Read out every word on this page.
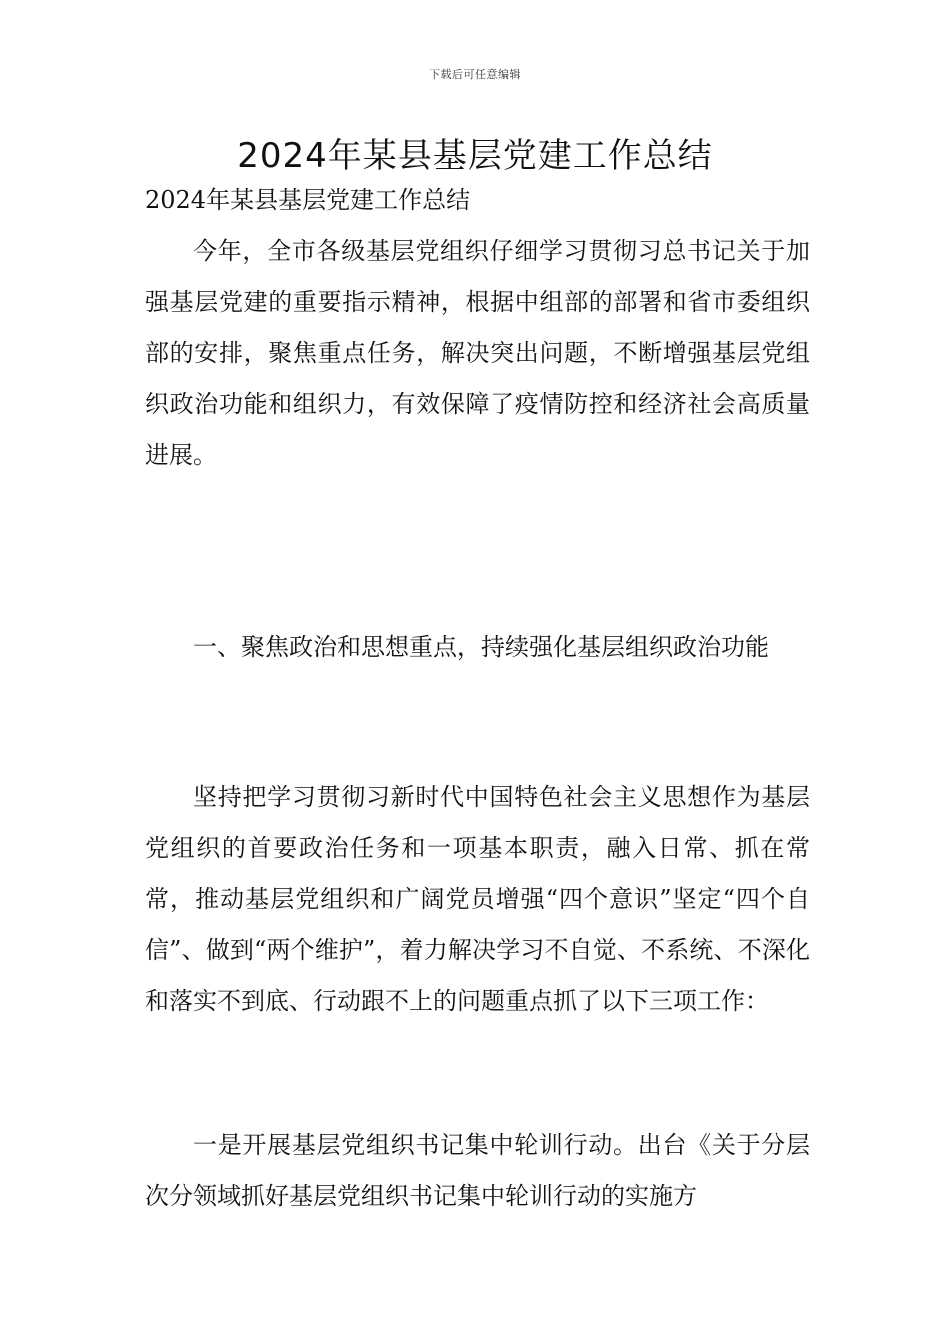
下载后可任意编辑
2024年某县基层党建工作总结
2024年某县基层党建工作总结

今年，全市各级基层党组织仔细学习贯彻习总书记关于加强基层党建的重要指示精神，根据中组部的部署和省市委组织部的安排，聚焦重点任务，解决突出问题，不断增强基层党组织政治功能和组织力，有效保障了疫情防控和经济社会高质量进展。

一、聚焦政治和思想重点，持续强化基层组织政治功能

坚持把学习贯彻习新时代中国特色社会主义思想作为基层党组织的首要政治任务和一项基本职责，融入日常、抓在常常，推动基层党组织和广阔党员增强“四个意识”坚定“四个自信”、做到“两个维护”，着力解决学习不自觉、不系统、不深化和落实不到底、行动跟不上的问题重点抓了以下三项工作：

一是开展基层党组织书记集中轮训行动。出台《关于分层次分领域抓好基层党组织书记集中轮训行动的实施方
